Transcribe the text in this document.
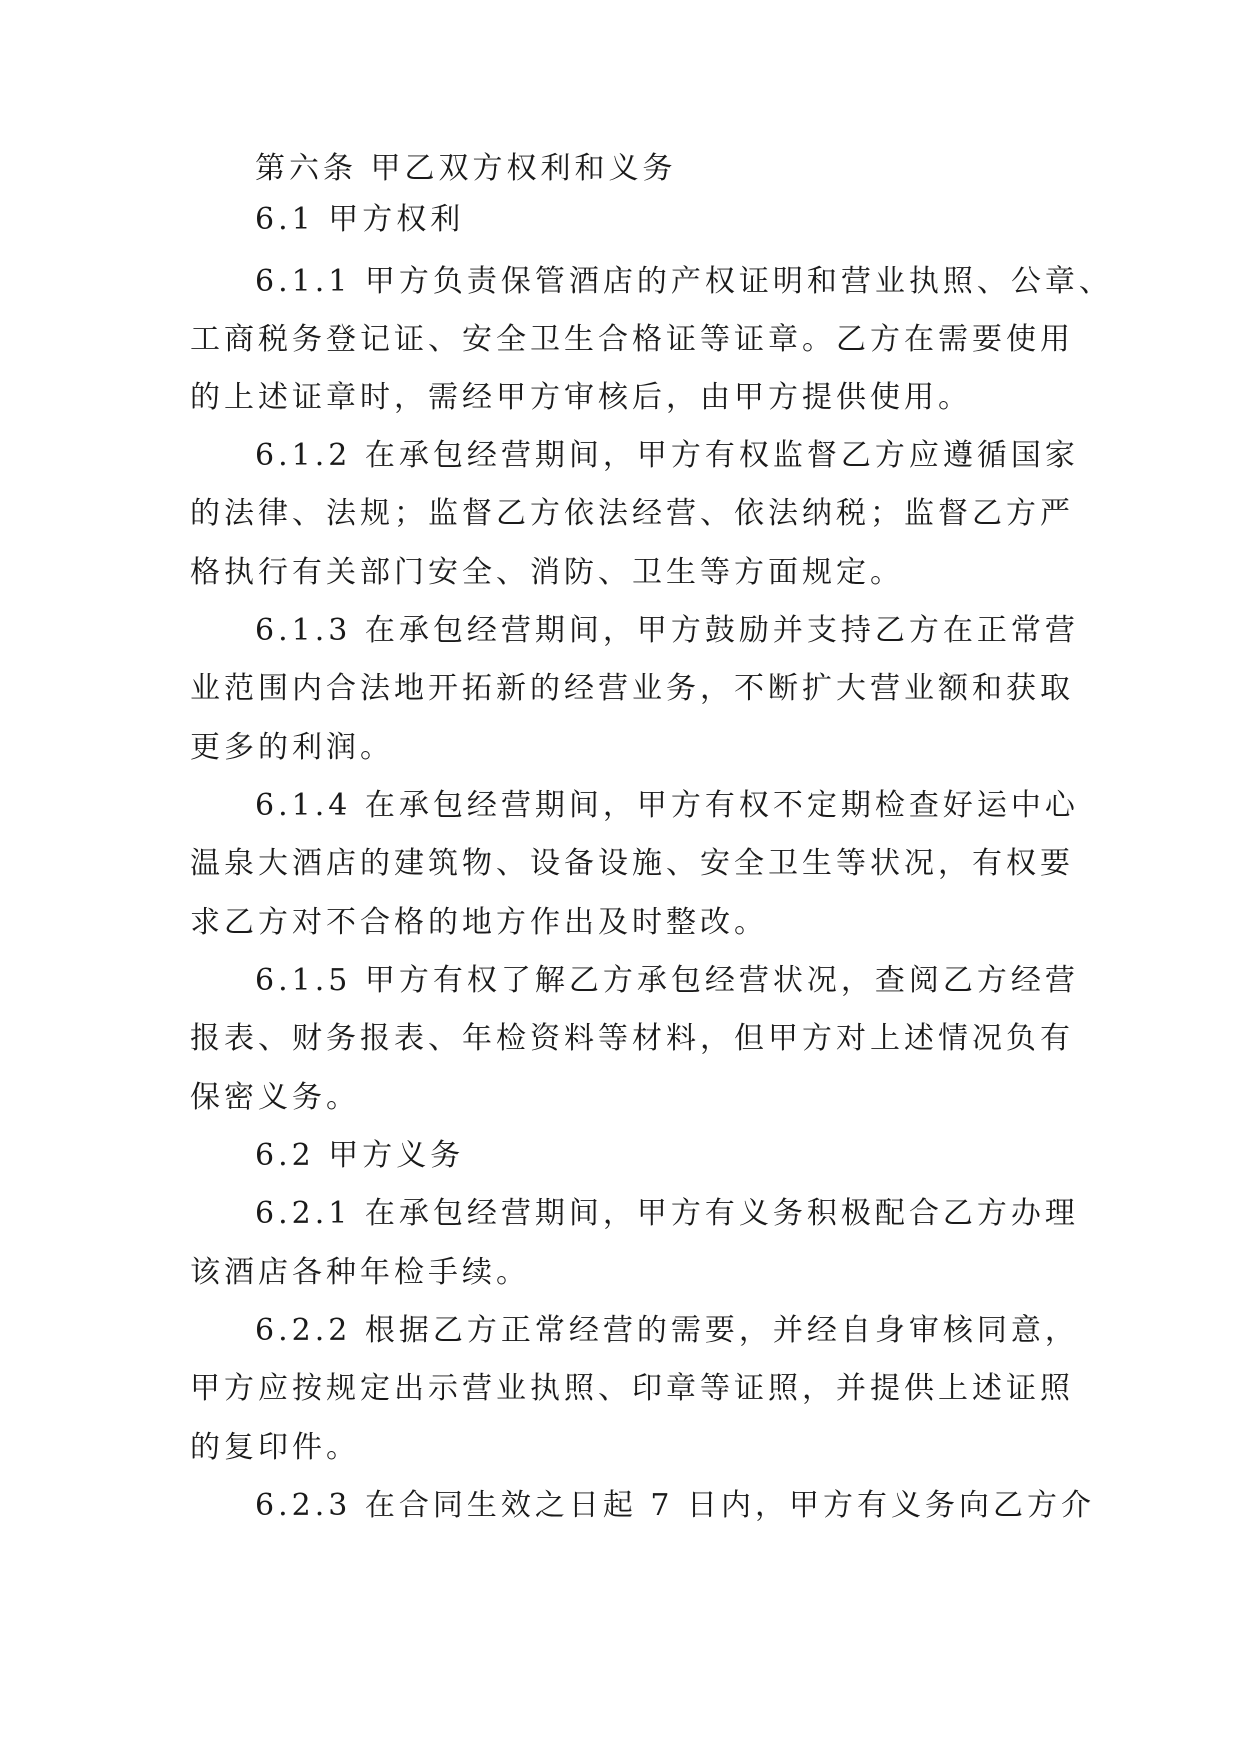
第六条 甲乙双方权利和义务
6.1 甲方权利
6.1.1 甲方负责保管酒店的产权证明和营业执照、公章、
工商税务登记证、安全卫生合格证等证章。乙方在需要使用
的上述证章时，需经甲方审核后，由甲方提供使用。
6.1.2 在承包经营期间，甲方有权监督乙方应遵循国家
的法律、法规；监督乙方依法经营、依法纳税；监督乙方严
格执行有关部门安全、消防、卫生等方面规定。
6.1.3 在承包经营期间，甲方鼓励并支持乙方在正常营
业范围内合法地开拓新的经营业务，不断扩大营业额和获取
更多的利润。
6.1.4 在承包经营期间，甲方有权不定期检查好运中心
温泉大酒店的建筑物、设备设施、安全卫生等状况，有权要
求乙方对不合格的地方作出及时整改。
6.1.5 甲方有权了解乙方承包经营状况，查阅乙方经营
报表、财务报表、年检资料等材料，但甲方对上述情况负有
保密义务。
6.2 甲方义务
6.2.1 在承包经营期间，甲方有义务积极配合乙方办理
该酒店各种年检手续。
6.2.2 根据乙方正常经营的需要，并经自身审核同意，
甲方应按规定出示营业执照、印章等证照，并提供上述证照
的复印件。
6.2.3 在合同生效之日起 7 日内，甲方有义务向乙方介
